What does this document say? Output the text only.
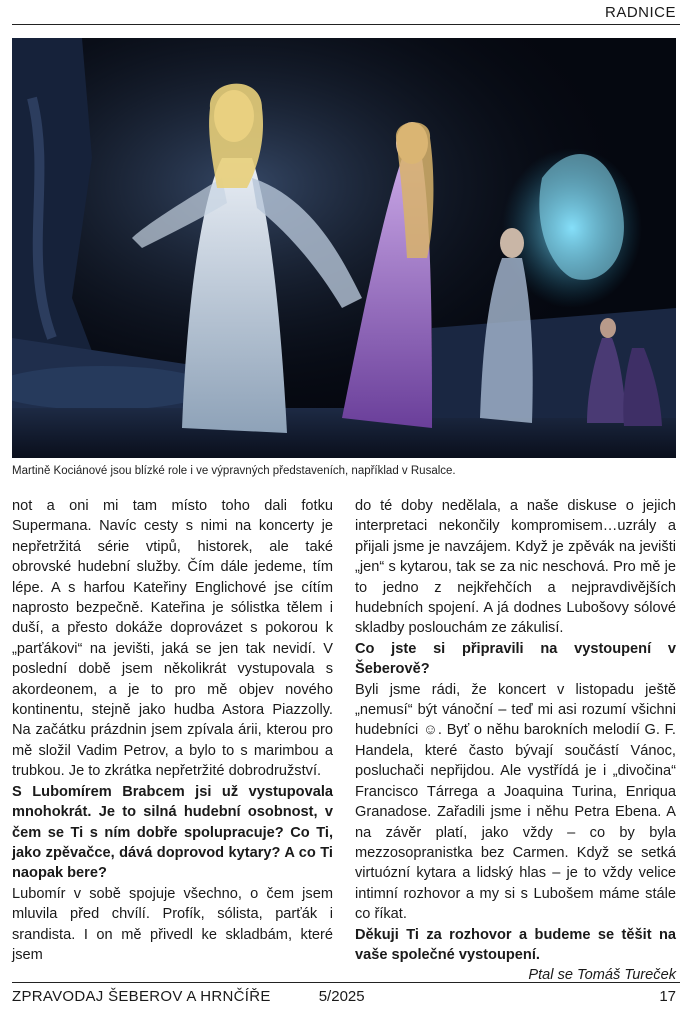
RADNICE
Martině Kociánové jsou blízké role i ve výpravných představeních, například v Rusalce.

not a oni mi tam místo toho dali fotku Supermana. Navíc cesty s nimi na koncerty je nepřetržitá série vtipů, historek, ale také obrovské hudební služby. Čím dále jedeme, tím lépe. A s harfou Kateřiny Englichové jse cítím naprosto bezpečně. Kateřina je sólistka tělem i duší, a přesto dokáže doprovázet s pokorou k „parťákovi“ na jevišti, jaká se jen tak nevidí. V poslední době jsem několikrát vystupovala s akordeonem, a je to pro mě objev nového kontinentu, stejně jako hudba Astora Piazzolly. Na začátku prázdnin jsem zpívala árii, kterou pro mě složil Vadim Petrov, a bylo to s marimbou a trubkou. Je to zkrátka nepřetržité dobrodružství.

S Lubomírem Brabcem jsi už vystupovala mnohokrát. Je to silná hudební osobnost, v čem se Ti s ním dobře spolupracuje? Co Ti, jako zpěvačce, dává doprovod kytary? A co Ti naopak bere?

Lubomír v sobě spojuje všechno, o čem jsem mluvila před chvílí. Profík, sólista, parťák i srandista. I on mě přivedl ke skladbám, které jsem

do té doby nedělala, a naše diskuse o jejich interpretaci nekončily kompromisem…uzrály a přijali jsme je navzájem. Když je zpěvák na jevišti „jen“ s kytarou, tak se za nic neschová. Pro mě je to jedno z nejkřehčích a nejpravdivějších hudebních spojení. A já dodnes Lubošovy sólové skladby poslouchám ze zákulisí.

Co jste si připravili na vystoupení v Šeberově?

Byli jsme rádi, že koncert v listopadu ještě „nemusí“ být vánoční – teď mi asi rozumí všichni hudebníci ☺. Byť o něhu barokních melodií G. F. Handela, které často bývají součástí Vánoc, posluchači nepřijdou. Ale vystřídá je i „divočina“ Francisco Tárrega a Joaquina Turina, Enriqua Granadose. Zařadili jsme i něhu Petra Ebena. A na závěr platí, jako vždy – co by byla mezzosopranistka bez Carmen. Když se setká virtuózní kytara a lidský hlas – je to vždy velice intimní rozhovor a my si s Lubošem máme stále co říkat.

Děkuji Ti za rozhovor a budeme se těšit na vaše společné vystoupení.

Ptal se Tomáš Tureček

ZPRAVODAJ ŠEBEROV A HRNČÍŘE	5/2025	17
